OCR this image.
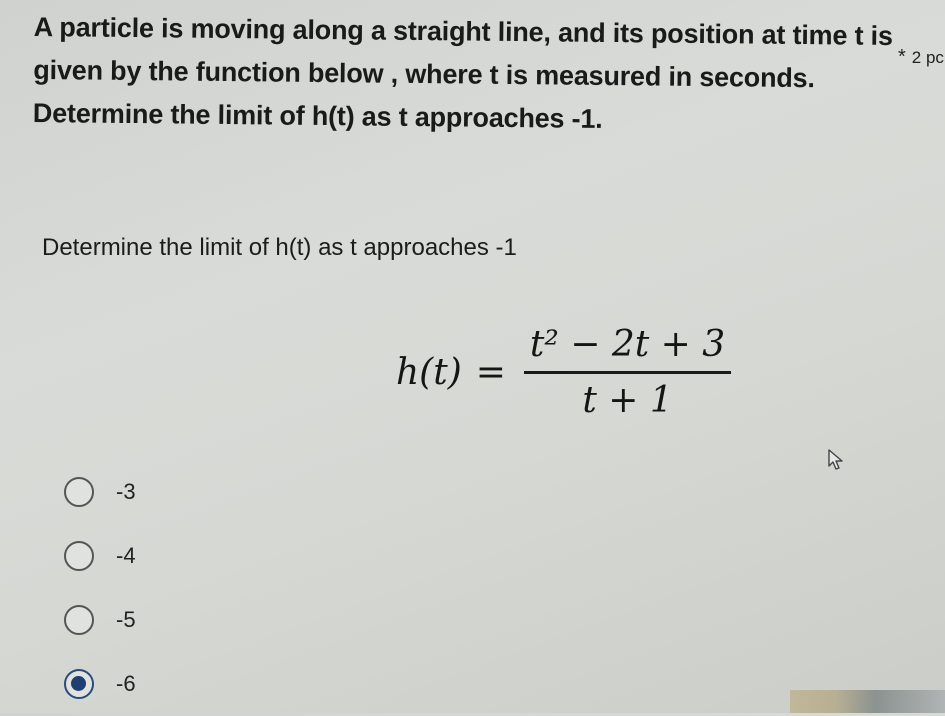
A particle is moving along a straight line, and its position at time t is given by the function below , where t is measured in seconds. Determine the limit of h(t) as t approaches -1.
* 2 pc
Determine the limit of h(t) as t approaches -1
$h(t) = \frac{\text{t² − 2t + 3}}{t + 1}$
-3
-4
-5
-6
